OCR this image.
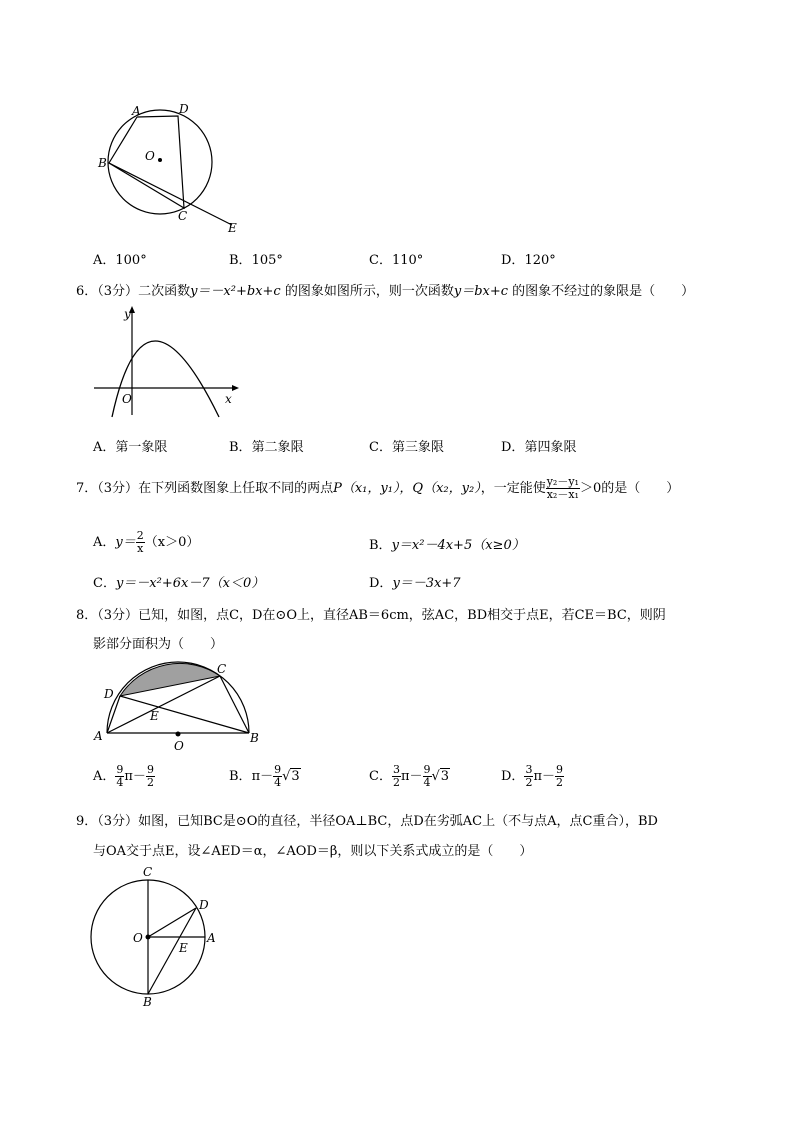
A	D
B	O
C
E
A．100°	B．105°	C．110°	D．120°
6．（3分）二次函数y＝－x²+bx+c 的图象如图所示，则一次函数y＝bx+c 的图象不经过的象限是（　　）
y
x
O
A．第一象限	B．第二象限	C．第三象限	D．第四象限
7．（3分）在下列函数图象上任取不同的两点P（x₁，y₁），Q（x₂，y₂），一定能使 $\frac{\text{y₂－y₁}}{\text{x₂－x₁}} >0$的是（　　）
A．$y= \frac{2}{x} (x>0)$	B．y＝x²－4x+5（x≥0）
C．y＝－x²+6x－7（x＜0）	D．y＝－3x+7
8．（3分）已知，如图，点C，D在⊙O上，直径AB＝6cm，弦AC，BD相交于点E，若CE＝BC，则阴
影部分面积为（　　）
C
D
E
A
O
B
A． $\frac{9}{4} \pi- \frac{9}{2}$	B．$\pi- \frac{9}{4} √3$	C． $\frac{3}{2} \pi- \frac{9}{4} √3$	D． $\frac{3}{2} \pi- \frac{9}{2}$
9．（3分）如图，已知BC是⊙O的直径，半径OA⊥BC，点D在劣弧AC上（不与点A，点C重合），BD
与OA交于点E，设∠AED＝α，∠AOD＝β，则以下关系式成立的是（　　）
C
D
O
E
A
B
